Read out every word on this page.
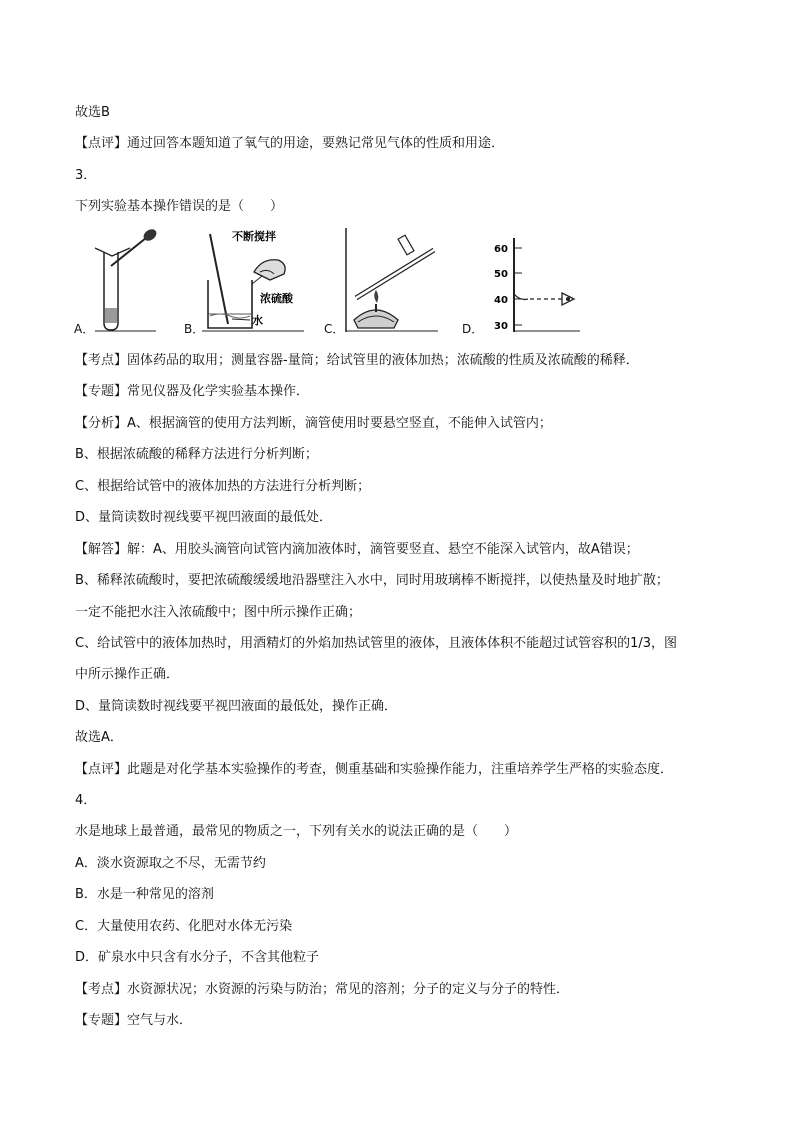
故选B
【点评】通过回答本题知道了氧气的用途，要熟记常见气体的性质和用途．
3．
下列实验基本操作错误的是（　　）
A．
不断搅拌
浓硫酸
水
B．	C．
60
50
40
30
D．
【考点】固体药品的取用；测量容器-量筒；给试管里的液体加热；浓硫酸的性质及浓硫酸的稀释．
【专题】常见仪器及化学实验基本操作．
【分析】A、根据滴管的使用方法判断，滴管使用时要悬空竖直，不能伸入试管内；
B、根据浓硫酸的稀释方法进行分析判断；
C、根据给试管中的液体加热的方法进行分析判断；
D、量筒读数时视线要平视凹液面的最低处．
【解答】解：A、用胶头滴管向试管内滴加液体时，滴管要竖直、悬空不能深入试管内，故A错误；
B、稀释浓硫酸时，要把浓硫酸缓缓地沿器壁注入水中，同时用玻璃棒不断搅拌，以使热量及时地扩散；
一定不能把水注入浓硫酸中；图中所示操作正确；
C、给试管中的液体加热时，用酒精灯的外焰加热试管里的液体，且液体体积不能超过试管容积的1/3，图
中所示操作正确．
D、量筒读数时视线要平视凹液面的最低处，操作正确．
故选A．
【点评】此题是对化学基本实验操作的考查，侧重基础和实验操作能力，注重培养学生严格的实验态度．
4．
水是地球上最普通，最常见的物质之一，下列有关水的说法正确的是（　　）
A．淡水资源取之不尽，无需节约
B．水是一种常见的溶剂
C．大量使用农药、化肥对水体无污染
D．矿泉水中只含有水分子，不含其他粒子
【考点】水资源状况；水资源的污染与防治；常见的溶剂；分子的定义与分子的特性．
【专题】空气与水．
